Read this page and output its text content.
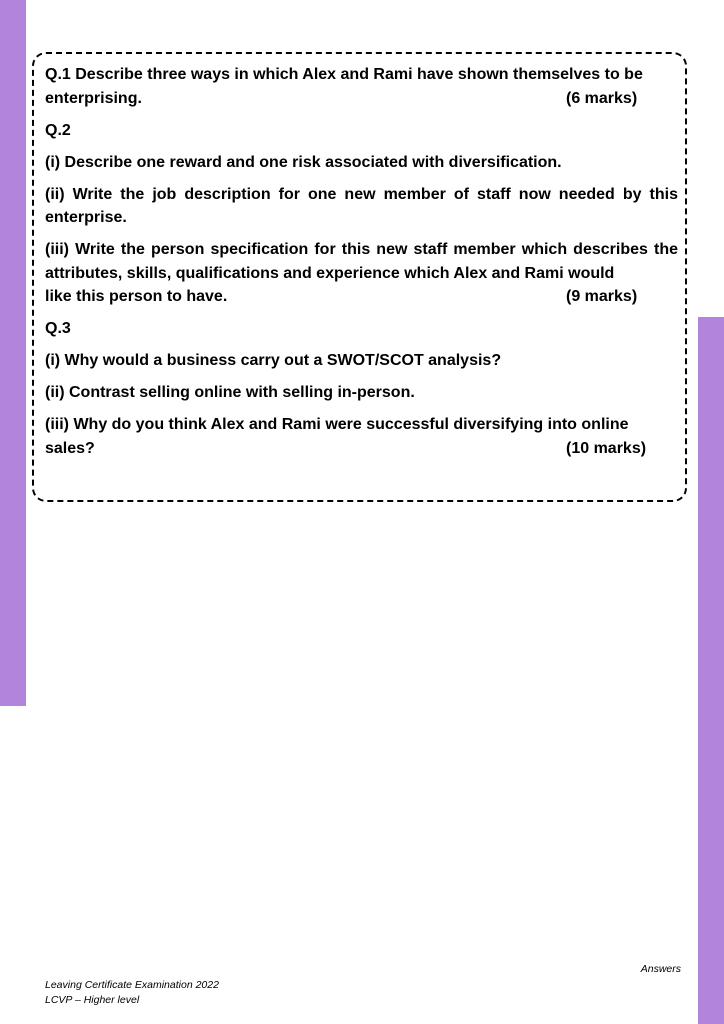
Q.1 Describe three ways in which Alex and Rami have shown themselves to be
enterprising.	(6 marks)
Q.2
(i) Describe one reward and one risk associated with diversification.
(ii) Write the job description for one new member of staff now needed by this enterprise.
(iii) Write the person specification for this new staff member which describes the attributes, skills, qualifications and experience which Alex and Rami would
like this person to have.	(9 marks)
Q.3
(i) Why would a business carry out a SWOT/SCOT analysis?
(ii) Contrast selling online with selling in-person.
(iii) Why do you think Alex and Rami were successful diversifying into online
sales?	(10 marks)
Answers
Leaving Certificate Examination 2022
LCVP – Higher level
